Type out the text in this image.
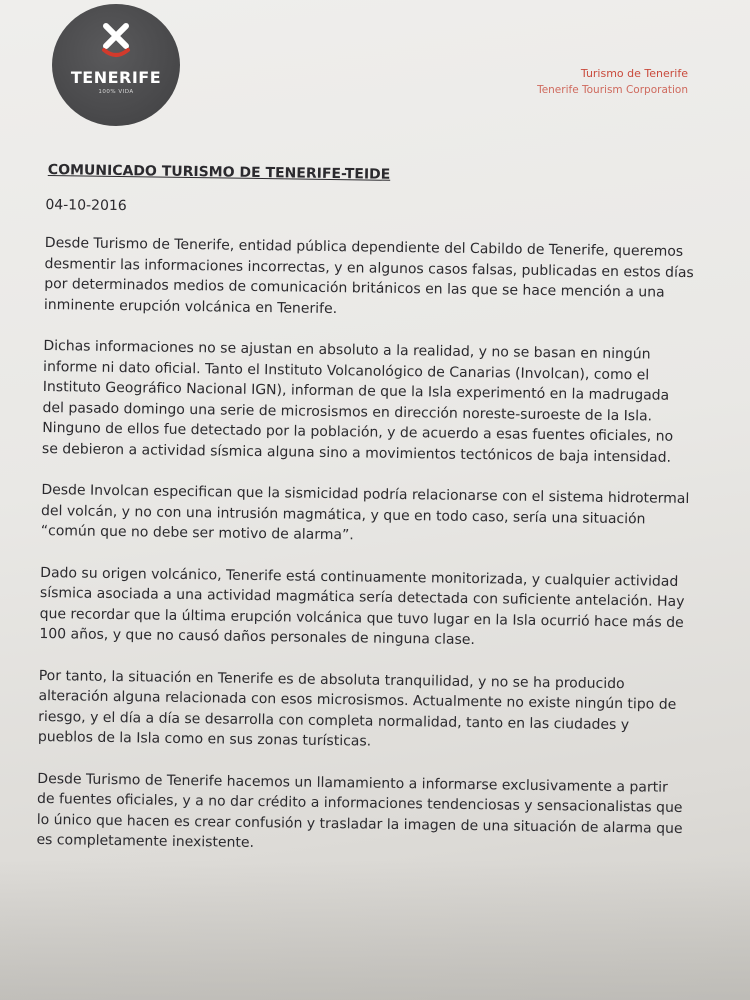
TENERIFE
100% VIDA
Turismo de Tenerife
Tenerife Tourism Corporation
COMUNICADO TURISMO DE TENERIFE-TEIDE
04-10-2016

Desde Turismo de Tenerife, entidad pública dependiente del Cabildo de Tenerife, queremos desmentir las informaciones incorrectas, y en algunos casos falsas, publicadas en estos días por determinados medios de comunicación británicos en las que se hace mención a una inminente erupción volcánica en Tenerife.

Dichas informaciones no se ajustan en absoluto a la realidad, y no se basan en ningún informe ni dato oficial. Tanto el Instituto Volcanológico de Canarias (Involcan), como el Instituto Geográfico Nacional IGN), informan de que la Isla experimentó en la madrugada del pasado domingo una serie de microsismos en dirección noreste-suroeste de la Isla. Ninguno de ellos fue detectado por la población, y de acuerdo a esas fuentes oficiales, no se debieron a actividad sísmica alguna sino a movimientos tectónicos de baja intensidad.

Desde Involcan especifican que la sismicidad podría relacionarse con el sistema hidrotermal del volcán, y no con una intrusión magmática, y que en todo caso, sería una situación “común que no debe ser motivo de alarma”.

Dado su origen volcánico, Tenerife está continuamente monitorizada, y cualquier actividad sísmica asociada a una actividad magmática sería detectada con suficiente antelación. Hay que recordar que la última erupción volcánica que tuvo lugar en la Isla ocurrió hace más de 100 años, y que no causó daños personales de ninguna clase.

Por tanto, la situación en Tenerife es de absoluta tranquilidad, y no se ha producido alteración alguna relacionada con esos microsismos. Actualmente no existe ningún tipo de riesgo, y el día a día se desarrolla con completa normalidad, tanto en las ciudades y pueblos de la Isla como en sus zonas turísticas.

Desde Turismo de Tenerife hacemos un llamamiento a informarse exclusivamente a partir de fuentes oficiales, y a no dar crédito a informaciones tendenciosas y sensacionalistas que lo único que hacen es crear confusión y trasladar la imagen de una situación de alarma que es completamente inexistente.
